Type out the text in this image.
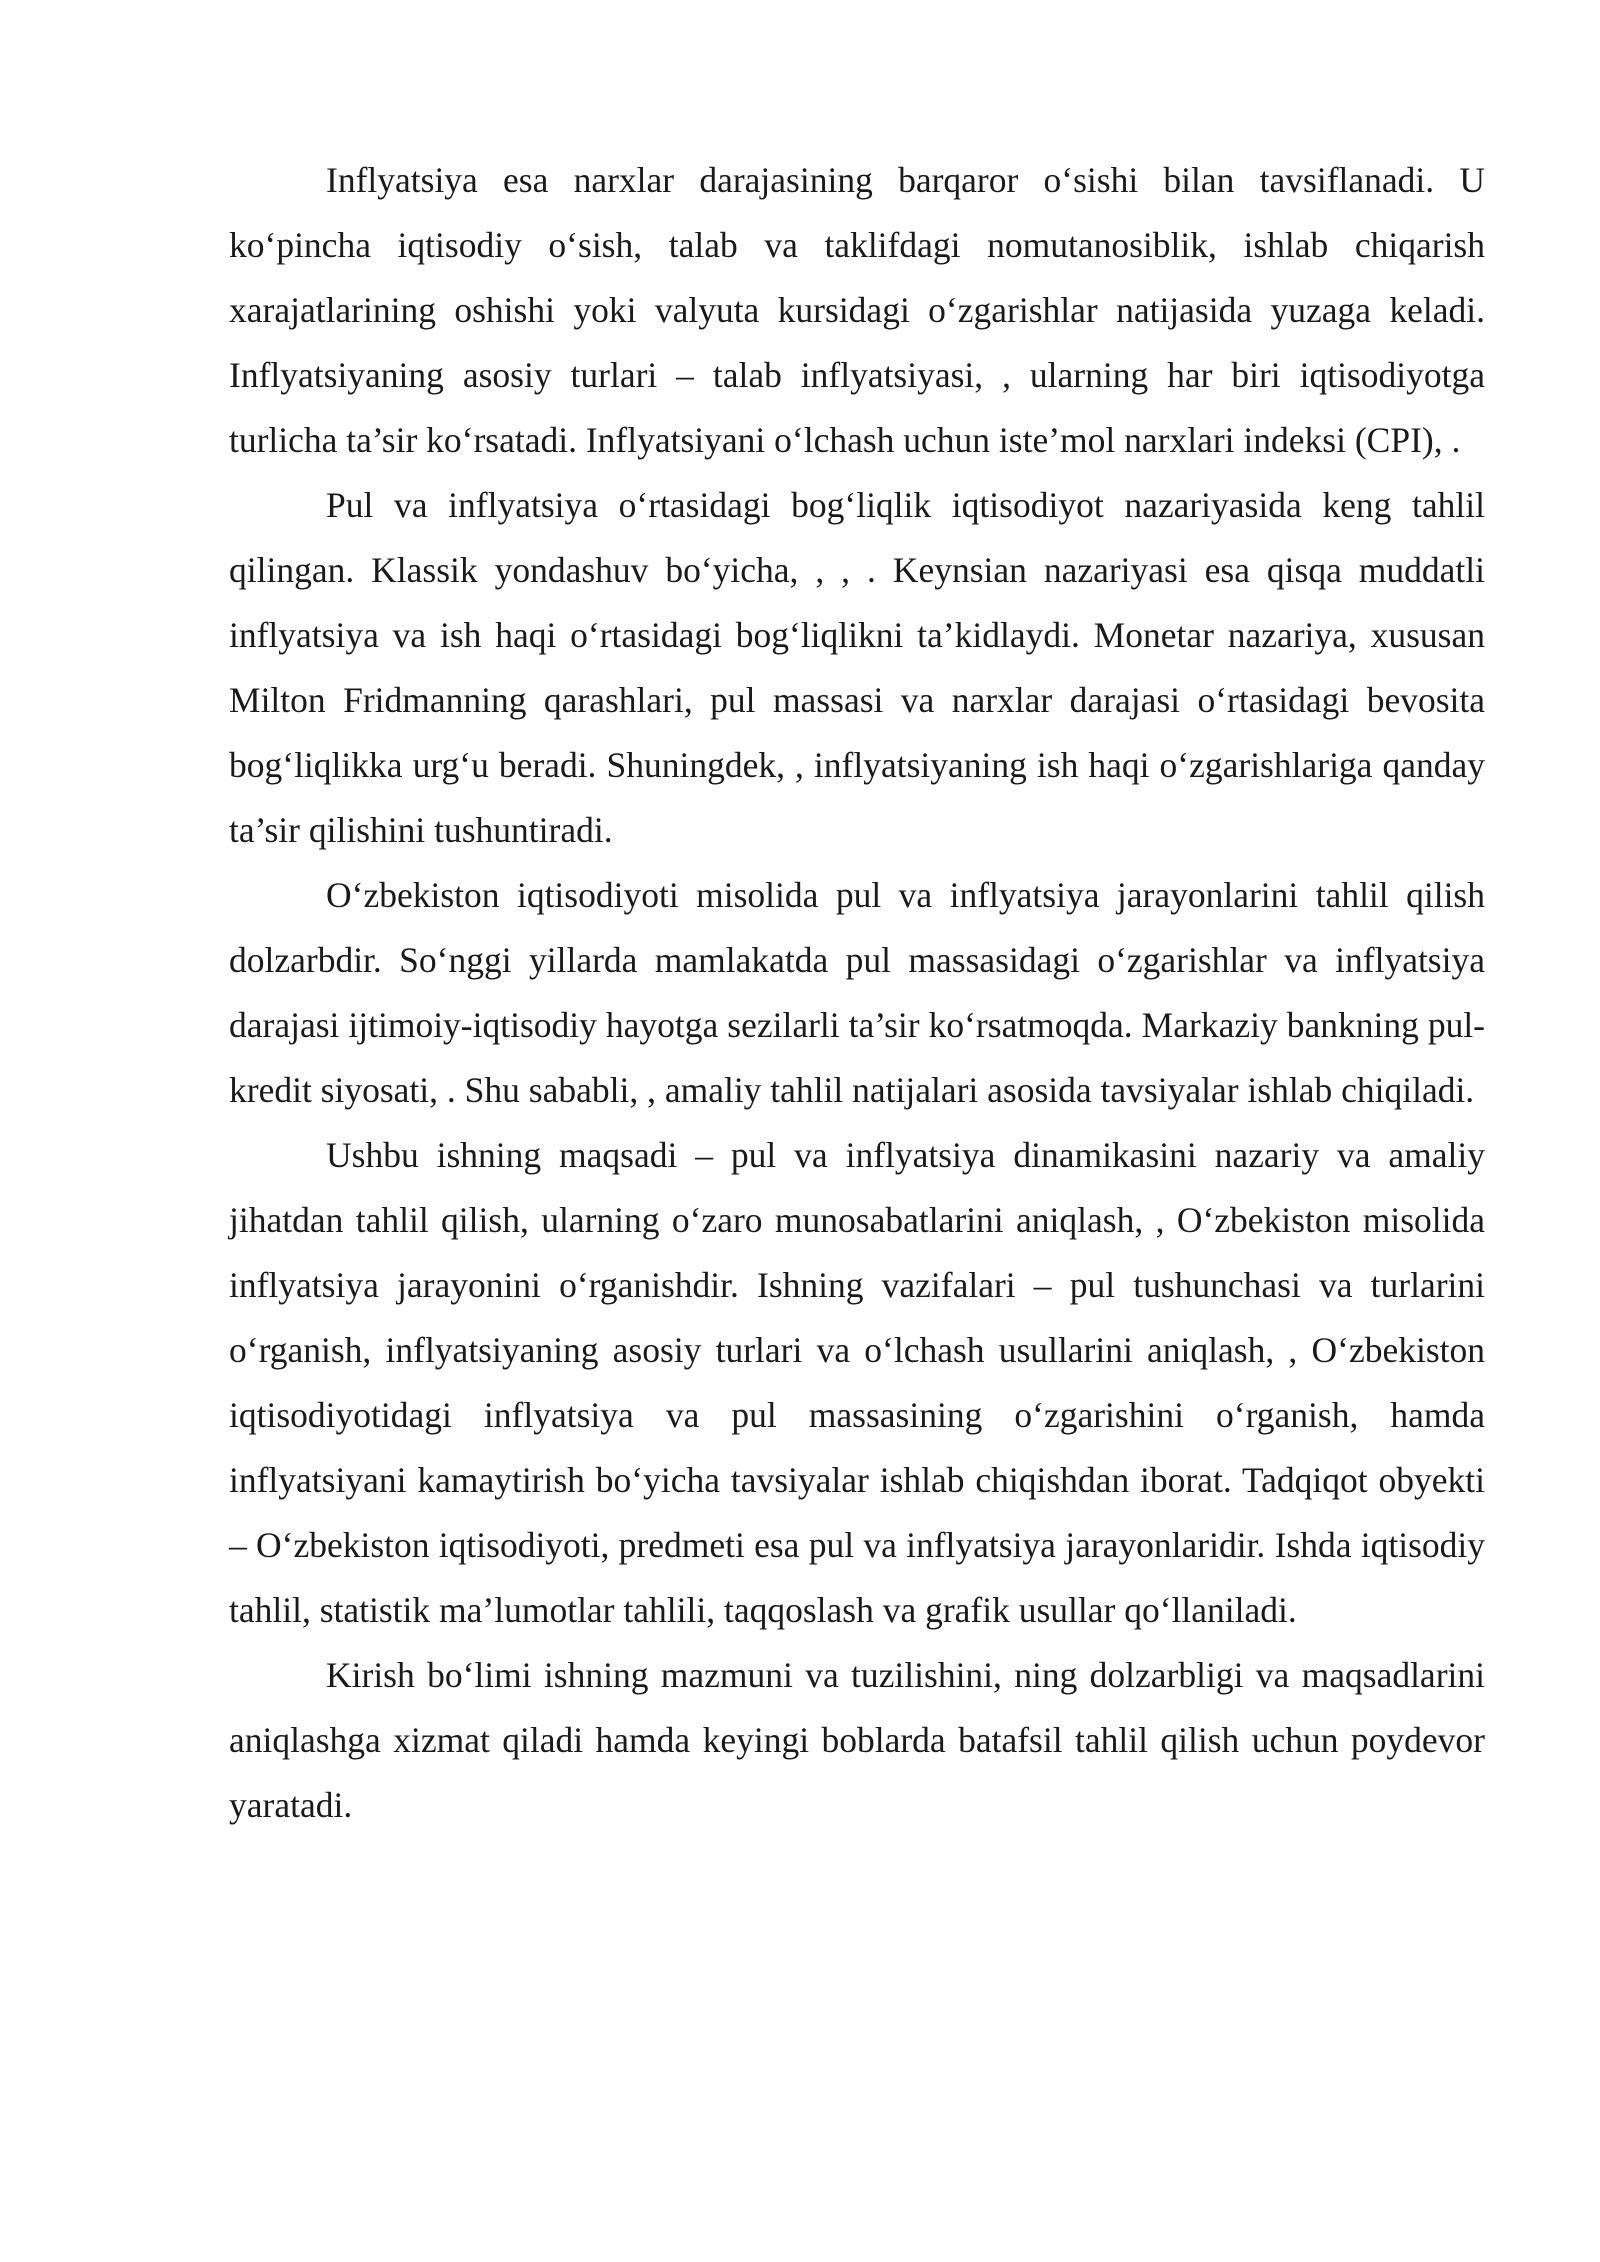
Inflyatsiya esa narxlar darajasining barqaror o‘sishi bilan tavsiflanadi. U ko‘pincha iqtisodiy o‘sish, talab va taklifdagi nomutanosiblik, ishlab chiqarish xarajatlarining oshishi yoki valyuta kursidagi o‘zgarishlar natijasida yuzaga keladi. Inflyatsiyaning asosiy turlari – talab inflyatsiyasi, , ularning har biri iqtisodiyotga turlicha ta’sir ko‘rsatadi. Inflyatsiyani o‘lchash uchun iste’mol narxlari indeksi (CPI), .

Pul va inflyatsiya o‘rtasidagi bog‘liqlik iqtisodiyot nazariyasida keng tahlil qilingan. Klassik yondashuv bo‘yicha, , , . Keynsian nazariyasi esa qisqa muddatli inflyatsiya va ish haqi o‘rtasidagi bog‘liqlikni ta’kidlaydi. Monetar nazariya, xususan Milton Fridmanning qarashlari, pul massasi va narxlar darajasi o‘rtasidagi bevosita bog‘liqlikka urg‘u beradi. Shuningdek, , inflyatsiyaning ish haqi o‘zgarishlariga qanday ta’sir qilishini tushuntiradi.

O‘zbekiston iqtisodiyoti misolida pul va inflyatsiya jarayonlarini tahlil qilish dolzarbdir. So‘nggi yillarda mamlakatda pul massasidagi o‘zgarishlar va inflyatsiya darajasi ijtimoiy-iqtisodiy hayotga sezilarli ta’sir ko‘rsatmoqda. Markaziy bankning pul-kredit siyosati, . Shu sababli, , amaliy tahlil natijalari asosida tavsiyalar ishlab chiqiladi.

Ushbu ishning maqsadi – pul va inflyatsiya dinamikasini nazariy va amaliy jihatdan tahlil qilish, ularning o‘zaro munosabatlarini aniqlash, , O‘zbekiston misolida inflyatsiya jarayonini o‘rganishdir. Ishning vazifalari – pul tushunchasi va turlarini o‘rganish, inflyatsiyaning asosiy turlari va o‘lchash usullarini aniqlash, , O‘zbekiston iqtisodiyotidagi inflyatsiya va pul massasining o‘zgarishini o‘rganish, hamda inflyatsiyani kamaytirish bo‘yicha tavsiyalar ishlab chiqishdan iborat. Tadqiqot obyekti – O‘zbekiston iqtisodiyoti, predmeti esa pul va inflyatsiya jarayonlaridir. Ishda iqtisodiy tahlil, statistik ma’lumotlar tahlili, taqqoslash va grafik usullar qo‘llaniladi.

Kirish bo‘limi ishning mazmuni va tuzilishini, ning dolzarbligi va maqsadlarini aniqlashga xizmat qiladi hamda keyingi boblarda batafsil tahlil qilish uchun poydevor yaratadi.
